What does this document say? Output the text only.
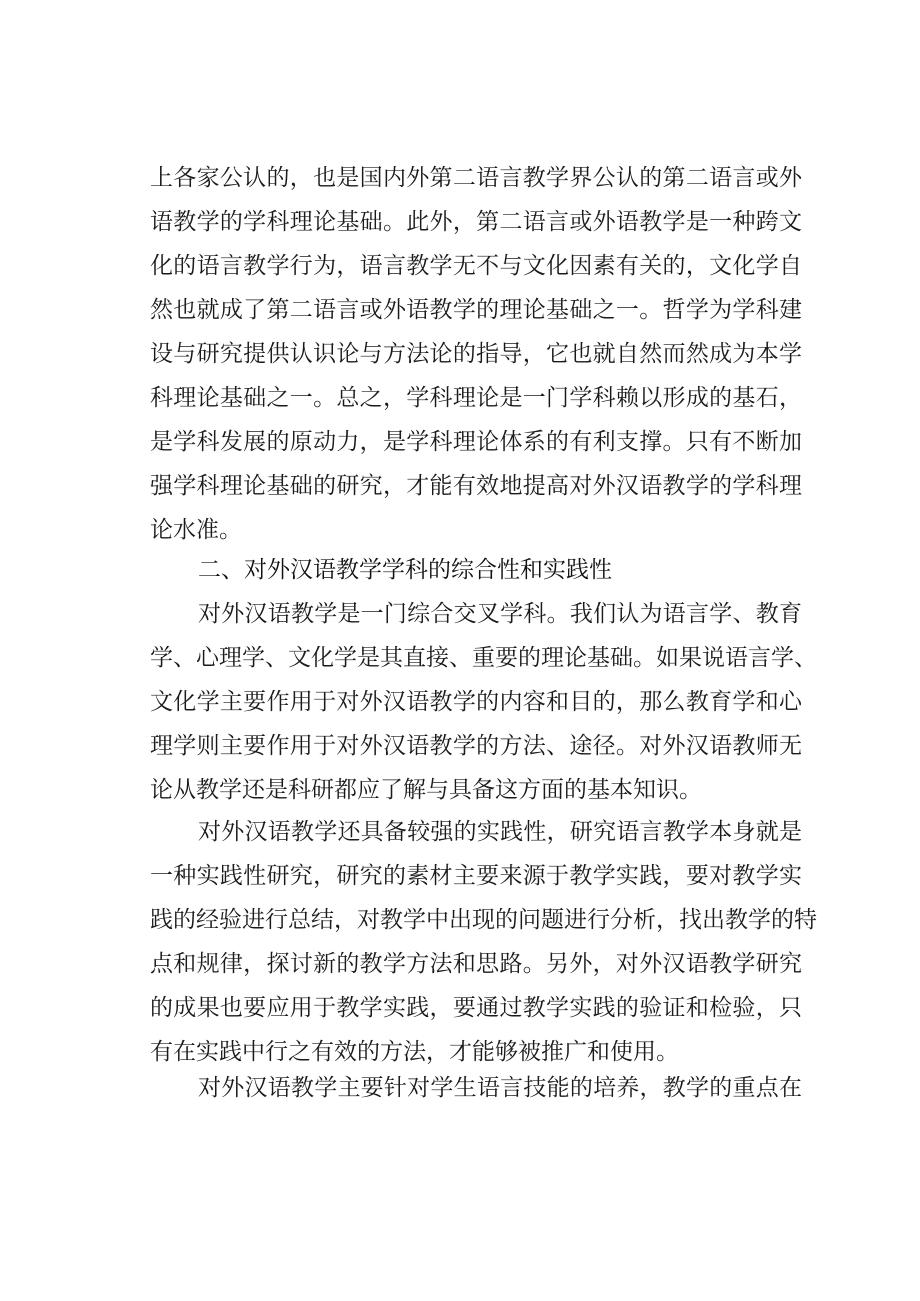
上各家公认的，也是国内外第二语言教学界公认的第二语言或外
语教学的学科理论基础。此外，第二语言或外语教学是一种跨文
化的语言教学行为，语言教学无不与文化因素有关的，文化学自
然也就成了第二语言或外语教学的理论基础之一。哲学为学科建
设与研究提供认识论与方法论的指导，它也就自然而然成为本学
科理论基础之一。总之，学科理论是一门学科赖以形成的基石，
是学科发展的原动力，是学科理论体系的有利支撑。只有不断加
强学科理论基础的研究，才能有效地提高对外汉语教学的学科理
论水准。
二、对外汉语教学学科的综合性和实践性
对外汉语教学是一门综合交叉学科。我们认为语言学、教育
学、心理学、文化学是其直接、重要的理论基础。如果说语言学、
文化学主要作用于对外汉语教学的内容和目的，那么教育学和心
理学则主要作用于对外汉语教学的方法、途径。对外汉语教师无
论从教学还是科研都应了解与具备这方面的基本知识。
对外汉语教学还具备较强的实践性，研究语言教学本身就是
一种实践性研究，研究的素材主要来源于教学实践，要对教学实
践的经验进行总结，对教学中出现的问题进行分析，找出教学的特
点和规律，探讨新的教学方法和思路。另外，对外汉语教学研究
的成果也要应用于教学实践，要通过教学实践的验证和检验，只
有在实践中行之有效的方法，才能够被推广和使用。
对外汉语教学主要针对学生语言技能的培养，教学的重点在
